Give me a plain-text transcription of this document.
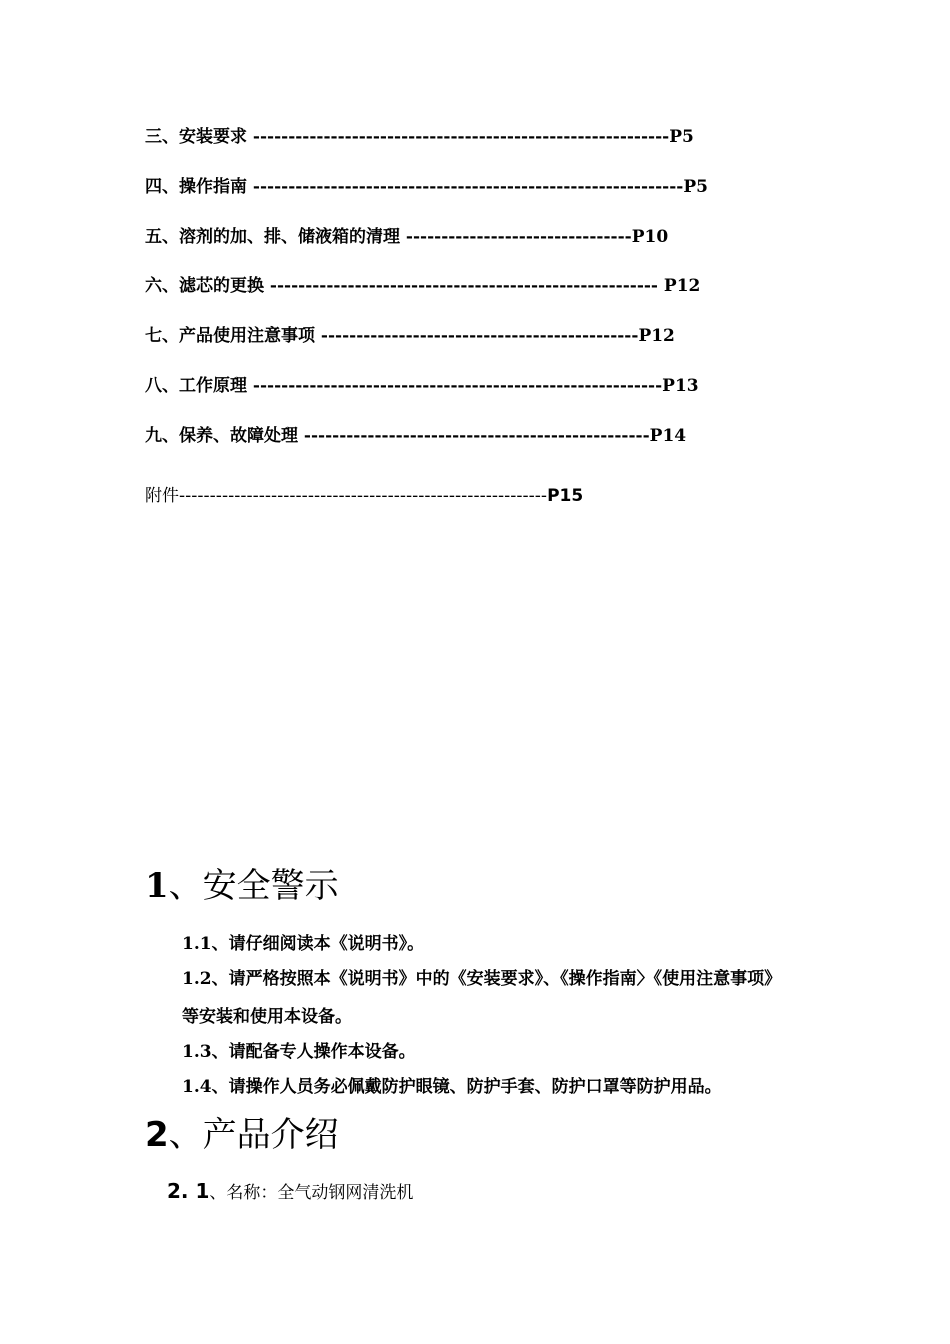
三、安装要求 -----------------------------------------------------------P5
四、操作指南 -------------------------------------------------------------P5
五、溶剂的加、排、储液箱的清理 --------------------------------P10
六、滤芯的更换 ------------------------------------------------------- P12
七、产品使用注意事项 ---------------------------------------------P12
八、工作原理 ----------------------------------------------------------P13
九、保养、故障处理 -------------------------------------------------P14
附件------------------------------------------------------------P15
1、安全警示
1.1、请仔细阅读本《说明书》。
1.2、请严格按照本《说明书》中的《安装要求》、《操作指南〉《使用注意事项》
等安装和使用本设备。
1.3、请配备专人操作本设备。
1.4、请操作人员务必佩戴防护眼镜、防护手套、防护口罩等防护用品。
2、产品介绍
2. 1、名称：全气动钢网清洗机
